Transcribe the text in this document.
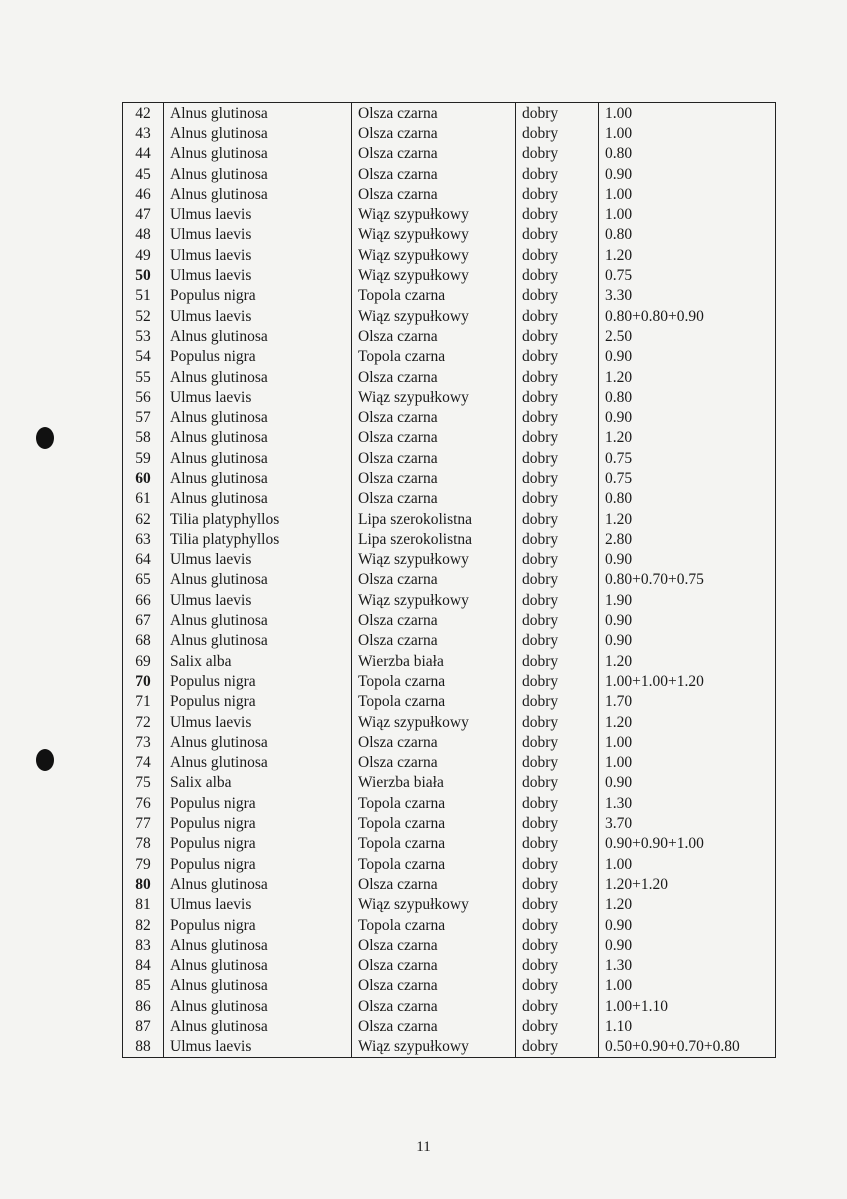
42	Alnus glutinosa	Olsza czarna	dobry	1.00
43	Alnus glutinosa	Olsza czarna	dobry	1.00
44	Alnus glutinosa	Olsza czarna	dobry	0.80
45	Alnus glutinosa	Olsza czarna	dobry	0.90
46	Alnus glutinosa	Olsza czarna	dobry	1.00
47	Ulmus laevis	Wiąz szypułkowy	dobry	1.00
48	Ulmus laevis	Wiąz szypułkowy	dobry	0.80
49	Ulmus laevis	Wiąz szypułkowy	dobry	1.20
50	Ulmus laevis	Wiąz szypułkowy	dobry	0.75
51	Populus nigra	Topola czarna	dobry	3.30
52	Ulmus laevis	Wiąz szypułkowy	dobry	0.80+0.80+0.90
53	Alnus glutinosa	Olsza czarna	dobry	2.50
54	Populus nigra	Topola czarna	dobry	0.90
55	Alnus glutinosa	Olsza czarna	dobry	1.20
56	Ulmus laevis	Wiąz szypułkowy	dobry	0.80
57	Alnus glutinosa	Olsza czarna	dobry	0.90
58	Alnus glutinosa	Olsza czarna	dobry	1.20
59	Alnus glutinosa	Olsza czarna	dobry	0.75
60	Alnus glutinosa	Olsza czarna	dobry	0.75
61	Alnus glutinosa	Olsza czarna	dobry	0.80
62	Tilia platyphyllos	Lipa szerokolistna	dobry	1.20
63	Tilia platyphyllos	Lipa szerokolistna	dobry	2.80
64	Ulmus laevis	Wiąz szypułkowy	dobry	0.90
65	Alnus glutinosa	Olsza czarna	dobry	0.80+0.70+0.75
66	Ulmus laevis	Wiąz szypułkowy	dobry	1.90
67	Alnus glutinosa	Olsza czarna	dobry	0.90
68	Alnus glutinosa	Olsza czarna	dobry	0.90
69	Salix alba	Wierzba biała	dobry	1.20
70	Populus nigra	Topola czarna	dobry	1.00+1.00+1.20
71	Populus nigra	Topola czarna	dobry	1.70
72	Ulmus laevis	Wiąz szypułkowy	dobry	1.20
73	Alnus glutinosa	Olsza czarna	dobry	1.00
74	Alnus glutinosa	Olsza czarna	dobry	1.00
75	Salix alba	Wierzba biała	dobry	0.90
76	Populus nigra	Topola czarna	dobry	1.30
77	Populus nigra	Topola czarna	dobry	3.70
78	Populus nigra	Topola czarna	dobry	0.90+0.90+1.00
79	Populus nigra	Topola czarna	dobry	1.00
80	Alnus glutinosa	Olsza czarna	dobry	1.20+1.20
81	Ulmus laevis	Wiąz szypułkowy	dobry	1.20
82	Populus nigra	Topola czarna	dobry	0.90
83	Alnus glutinosa	Olsza czarna	dobry	0.90
84	Alnus glutinosa	Olsza czarna	dobry	1.30
85	Alnus glutinosa	Olsza czarna	dobry	1.00
86	Alnus glutinosa	Olsza czarna	dobry	1.00+1.10
87	Alnus glutinosa	Olsza czarna	dobry	1.10
88	Ulmus laevis	Wiąz szypułkowy	dobry	0.50+0.90+0.70+0.80
11
